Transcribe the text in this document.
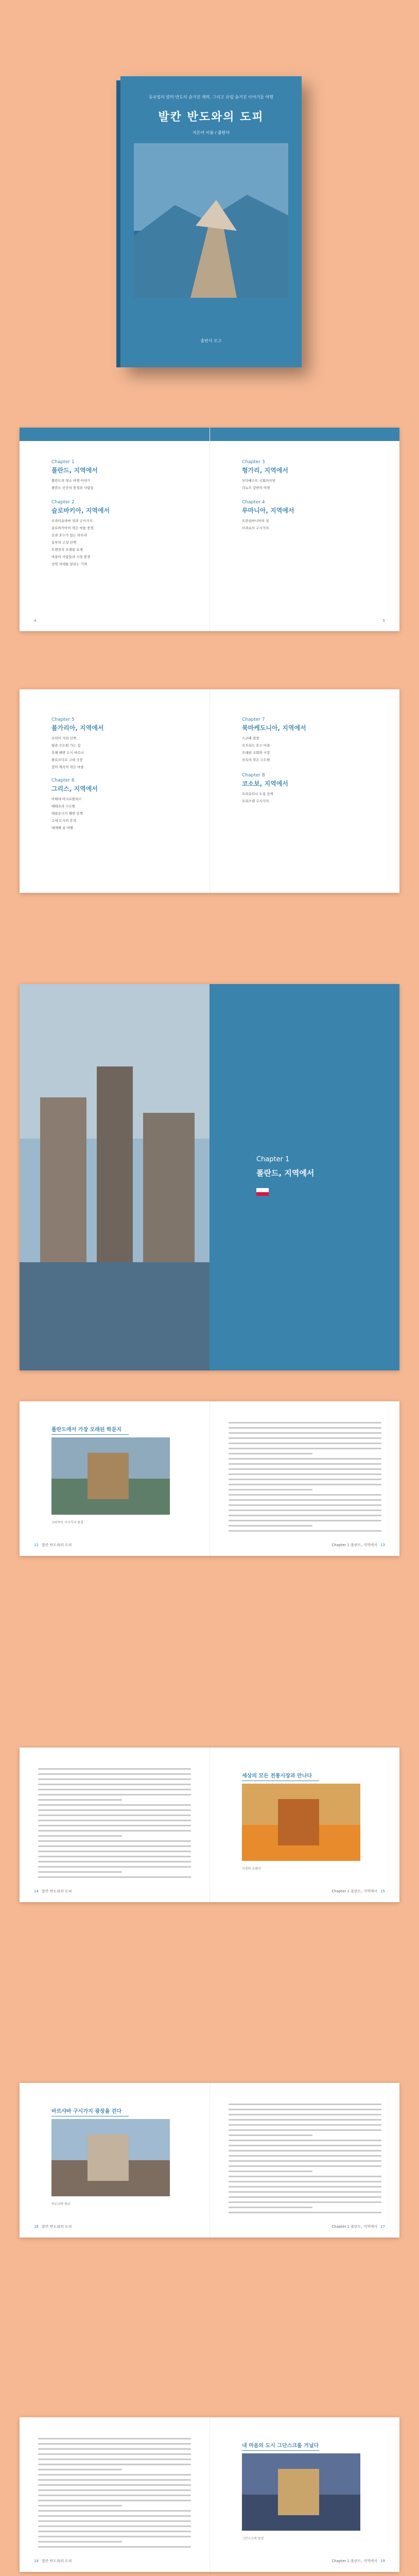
동유럽의 발틱·반도의 숨겨진 매력, 그리고 유럽 숨겨진 이야기들 여행
발칸 반도와의 도피
지은이 이름 / 출판사
출판사 로고
Chapter 1
폴란드, 지역에서
폴란드의 명소 여행 이야기
폴란드 곳곳의 풍경과 사람들
Chapter 2
슬로바키아, 지역에서
브라티슬라바 성과 구시가지
슬로바키아의 작은 마을 풍경
산과 호수가 있는 타트라
동부의 고성 산책
트렌친의 오래된 요새
마을의 사람들과 시장 풍경
산악 지대를 달리는 기차
4
Chapter 3
헝가리, 지역에서
부다페스트 국회의사당
다뉴브 강변의 야경
Chapter 4
루마니아, 지역에서
트란실바니아의 성
브라쇼브 구시가지
5
Chapter 5
불가리아, 지역에서
소피아 거리 산책
릴라 수도원 가는 길
흑해 해변 도시 바르나
플로브디프 고대 극장
장미 계곡의 작은 마을
Chapter 6
그리스, 지역에서
아테네 아크로폴리스
메테오라 수도원
테살로니키 해변 산책
고대 도시의 흔적
에게해 섬 여행
Chapter 7
북마케도니아, 지역에서
스코페 광장
오흐리드 호수 마을
오래된 교회와 시장
산속의 작은 수도원
Chapter 8
코소보, 지역에서
프리슈티나 도심 산책
프리즈렌 구시가지
Chapter 1
폴란드, 지역에서
폴란드에서 가장 오래된 학문지
크라쿠프 구시가지 풍경
12 발칸 반도와의 도피	Chapter 1 폴란드, 지역에서 13
14 발칸 반도와의 도피
세상의 모든 전통시장과 만나다
시장의 오렌지
Chapter 1 폴란드, 지역에서 15
바르샤바 구시가지 광장을 걷다
바르샤바 왕궁
16 발칸 반도와의 도피	Chapter 1 폴란드, 지역에서 17
18 발칸 반도와의 도피
내 마음의 도시 그단스크를 거닐다
그단스크의 동상
Chapter 1 폴란드, 지역에서 19
